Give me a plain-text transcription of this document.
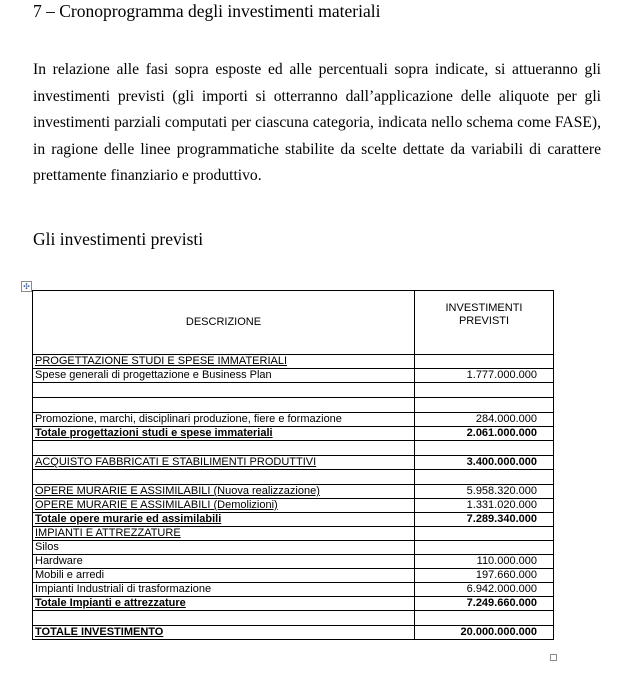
7 – Cronoprogramma degli investimenti materiali

In relazione alle fasi sopra esposte ed alle percentuali sopra indicate, si attueranno gli investimenti previsti (gli importi si otterranno dall’applicazione delle aliquote per gli investimenti parziali computati per ciascuna categoria, indicata nello schema come FASE), in ragione delle linee programmatiche stabilite da scelte dettate da variabili di carattere prettamente finanziario e produttivo.

Gli investimenti previsti
✣
DESCRIZIONE	INVESTIMENTI
PREVISTI
PROGETTAZIONE STUDI E SPESE IMMATERIALI	
Spese generali di progettazione e Business Plan	1.777.000.000

Promozione, marchi, disciplinari produzione, fiere e formazione	284.000.000
Totale progettazioni studi e spese immateriali	2.061.000.000

ACQUISTO FABBRICATI E STABILIMENTI PRODUTTIVI	3.400.000.000

OPERE MURARIE E ASSIMILABILI (Nuova realizzazione)	5.958.320.000
OPERE MURARIE E ASSIMILABILI (Demolizioni)	1.331.020.000
Totale opere murarie ed assimilabili	7.289.340.000
IMPIANTI E ATTREZZATURE	
Silos	
Hardware	110.000.000
Mobili e arredi	197.660.000
Impianti Industriali di trasformazione	6.942.000.000
Totale Impianti e attrezzature	7.249.660.000

TOTALE INVESTIMENTO	20.000.000.000
